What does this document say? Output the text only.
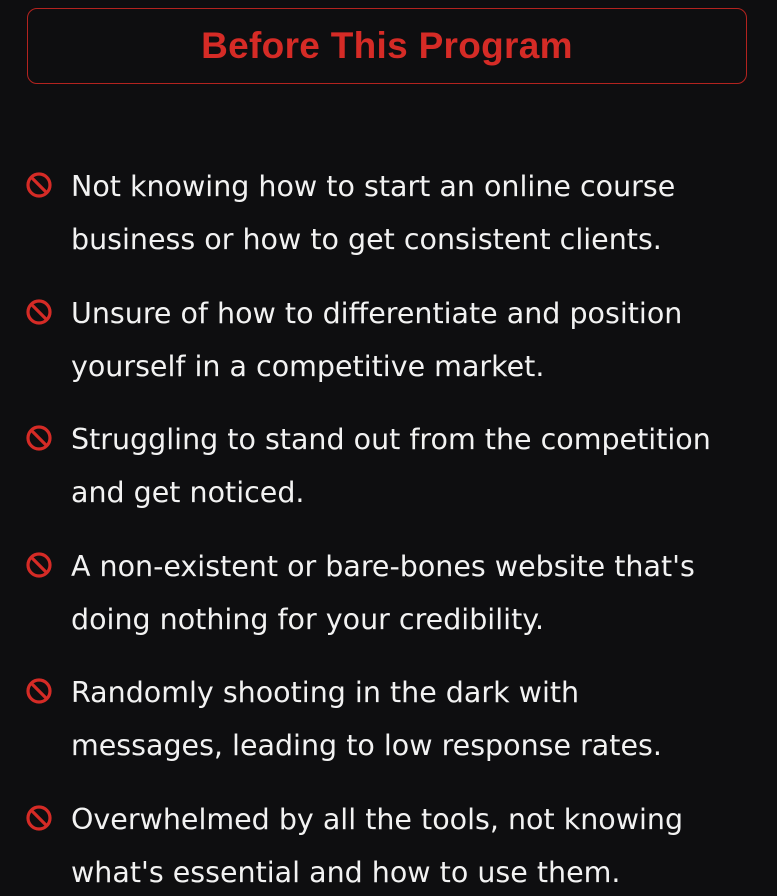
Before This Program
Not knowing how to start an online course
business or how to get consistent clients.
Unsure of how to differentiate and position
yourself in a competitive market.
Struggling to stand out from the competition
and get noticed.
A non-existent or bare-bones website that's
doing nothing for your credibility.
Randomly shooting in the dark with
messages, leading to low response rates.
Overwhelmed by all the tools, not knowing
what's essential and how to use them.
